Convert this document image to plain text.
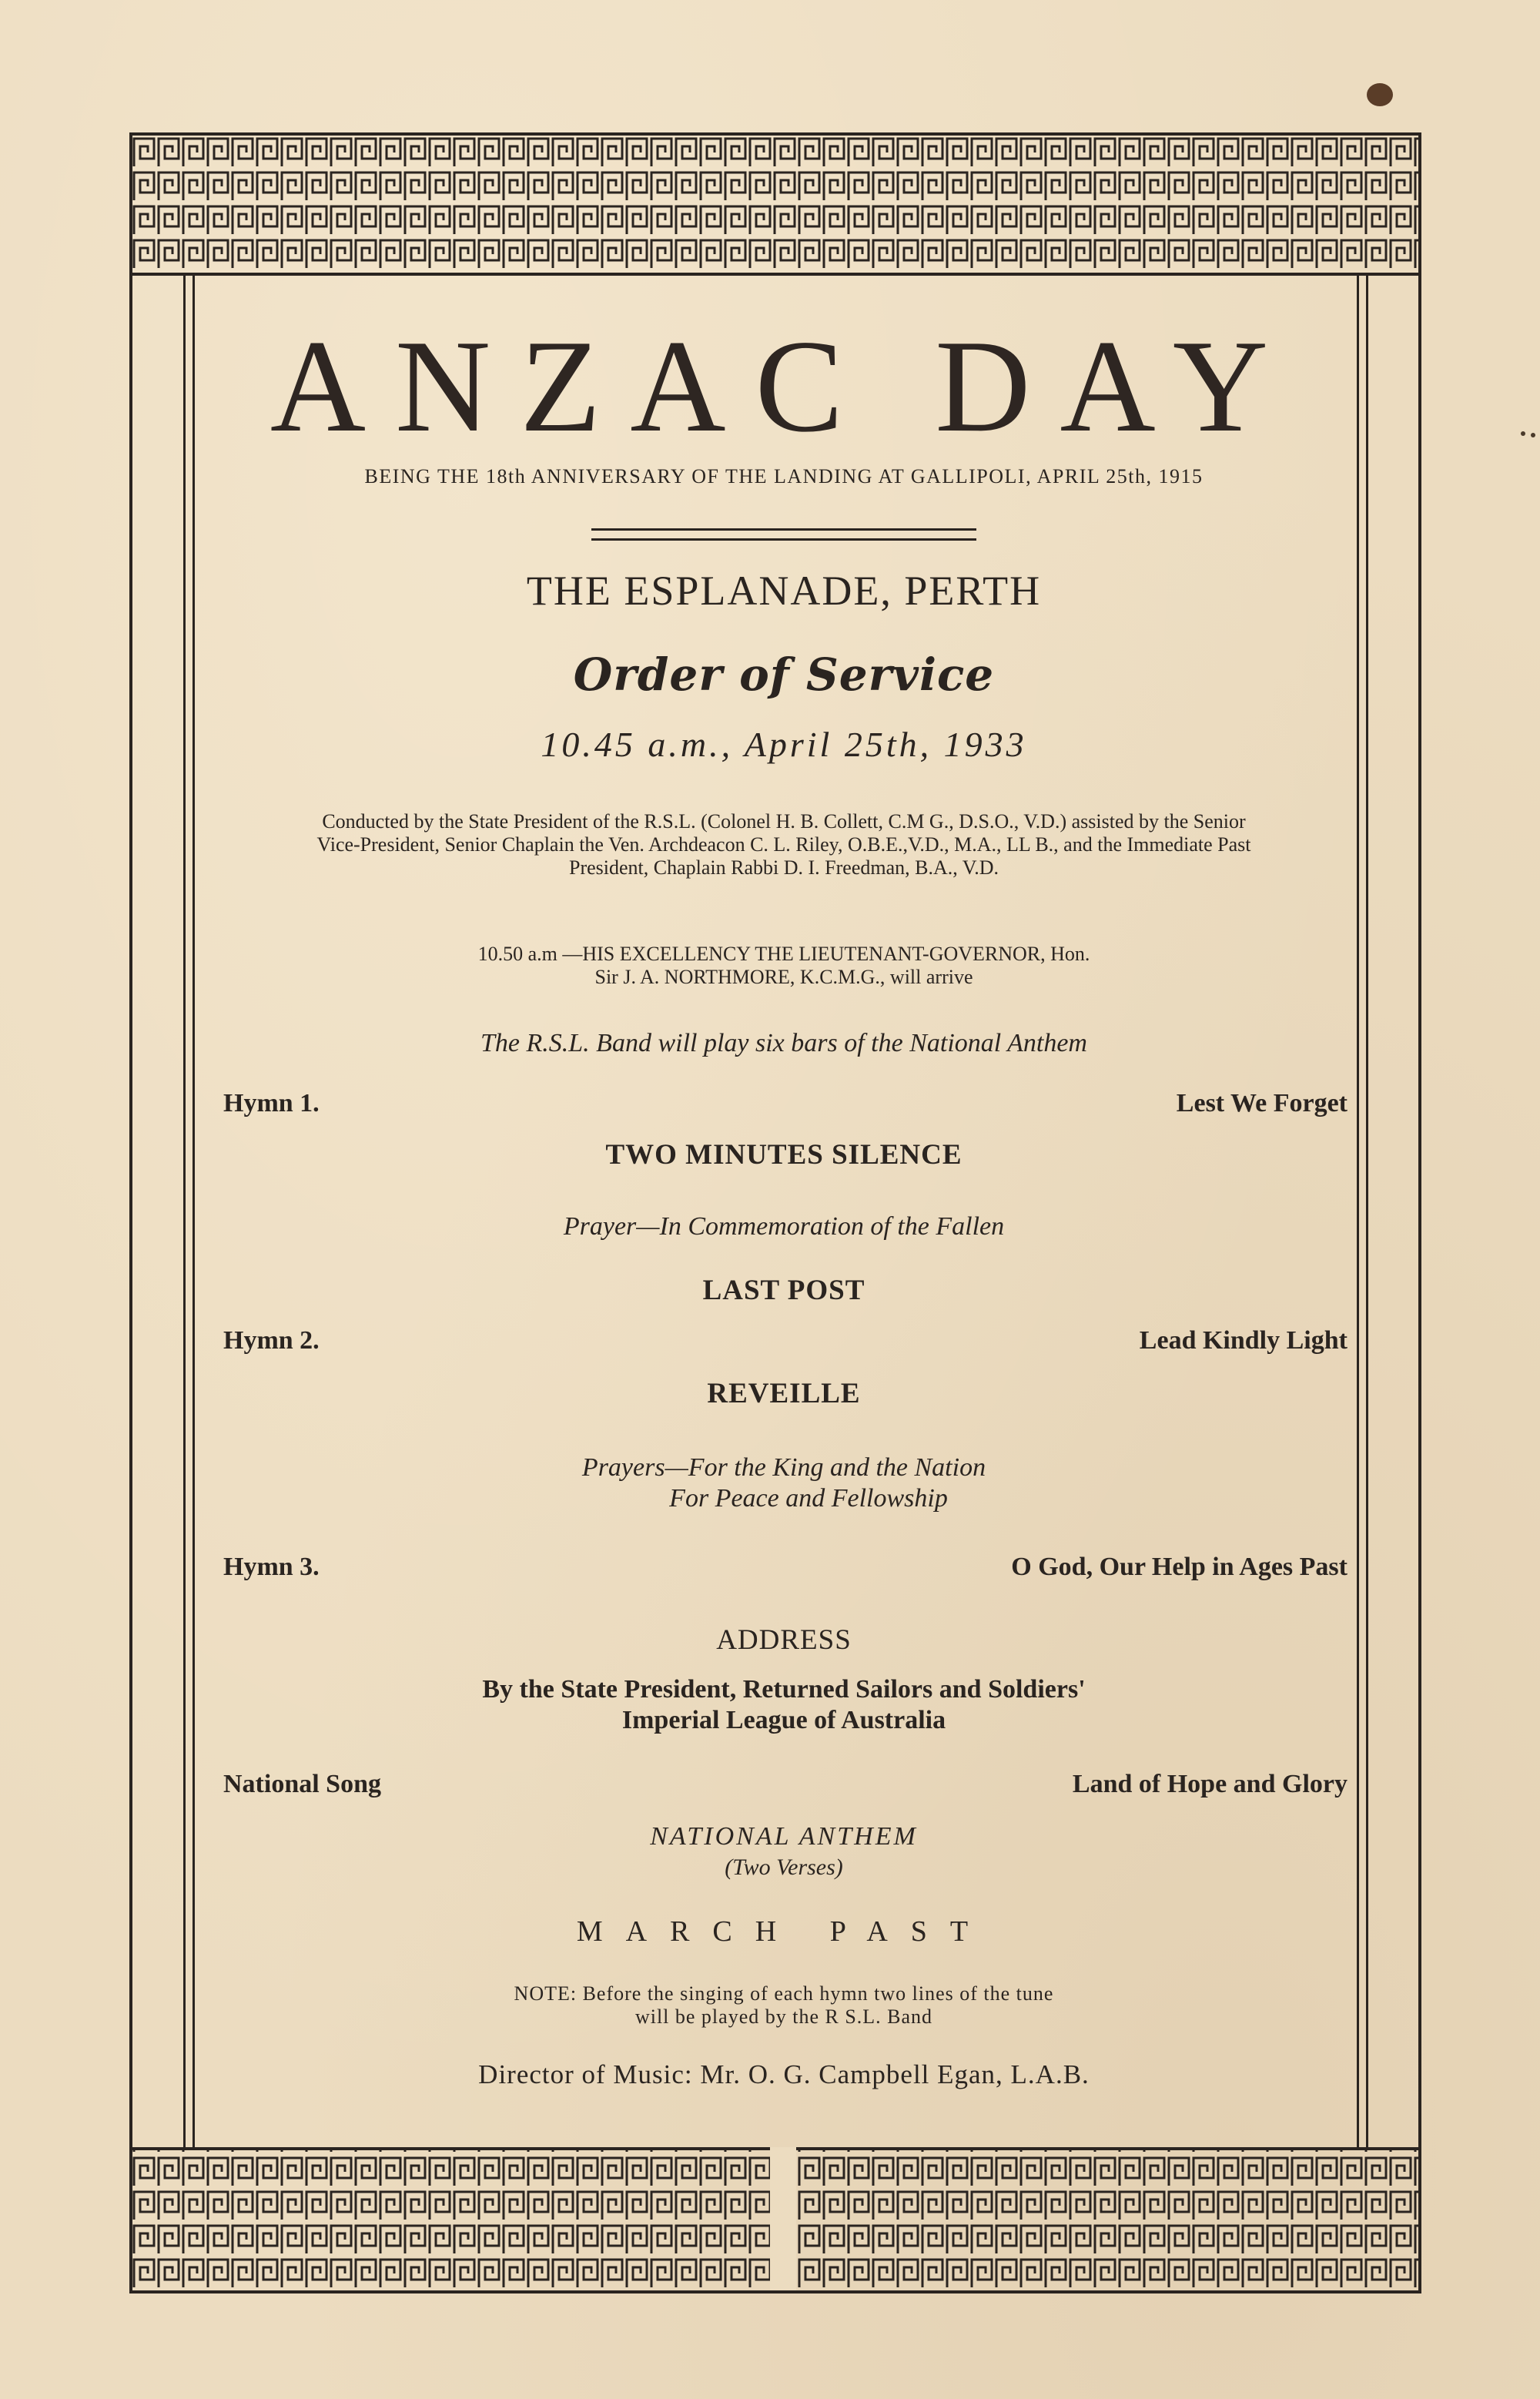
ANZAC DAY
BEING THE 18th ANNIVERSARY OF THE LANDING AT GALLIPOLI, APRIL 25th, 1915
THE ESPLANADE, PERTH
Order of Service
10.45 a.m., April 25th, 1933
Conducted by the State President of the R.S.L. (Colonel H. B. Collett, C.M G., D.S.O., V.D.) assisted by the Senior Vice-President, Senior Chaplain the Ven. Archdeacon C. L. Riley, O.B.E.,V.D., M.A., LL B., and the Immediate Past President, Chaplain Rabbi D. I. Freedman, B.A., V.D.
10.50 a.m —HIS EXCELLENCY THE LIEUTENANT-GOVERNOR, Hon.
Sir J. A. NORTHMORE, K.C.M.G., will arrive
The R.S.L. Band will play six bars of the National Anthem
Hymn 1.	Lest We Forget
TWO MINUTES SILENCE
Prayer—In Commemoration of the Fallen
LAST POST
Hymn 2.	Lead Kindly Light
REVEILLE
Prayers—For the King and the Nation
For Peace and Fellowship
Hymn 3.	O God, Our Help in Ages Past
ADDRESS
By the State President, Returned Sailors and Soldiers'
Imperial League of Australia
National Song	Land of Hope and Glory
NATIONAL ANTHEM
(Two Verses)
MARCH PAST
NOTE: Before the singing of each hymn two lines of the tune
will be played by the R S.L. Band
Director of Music: Mr. O. G. Campbell Egan, L.A.B.
